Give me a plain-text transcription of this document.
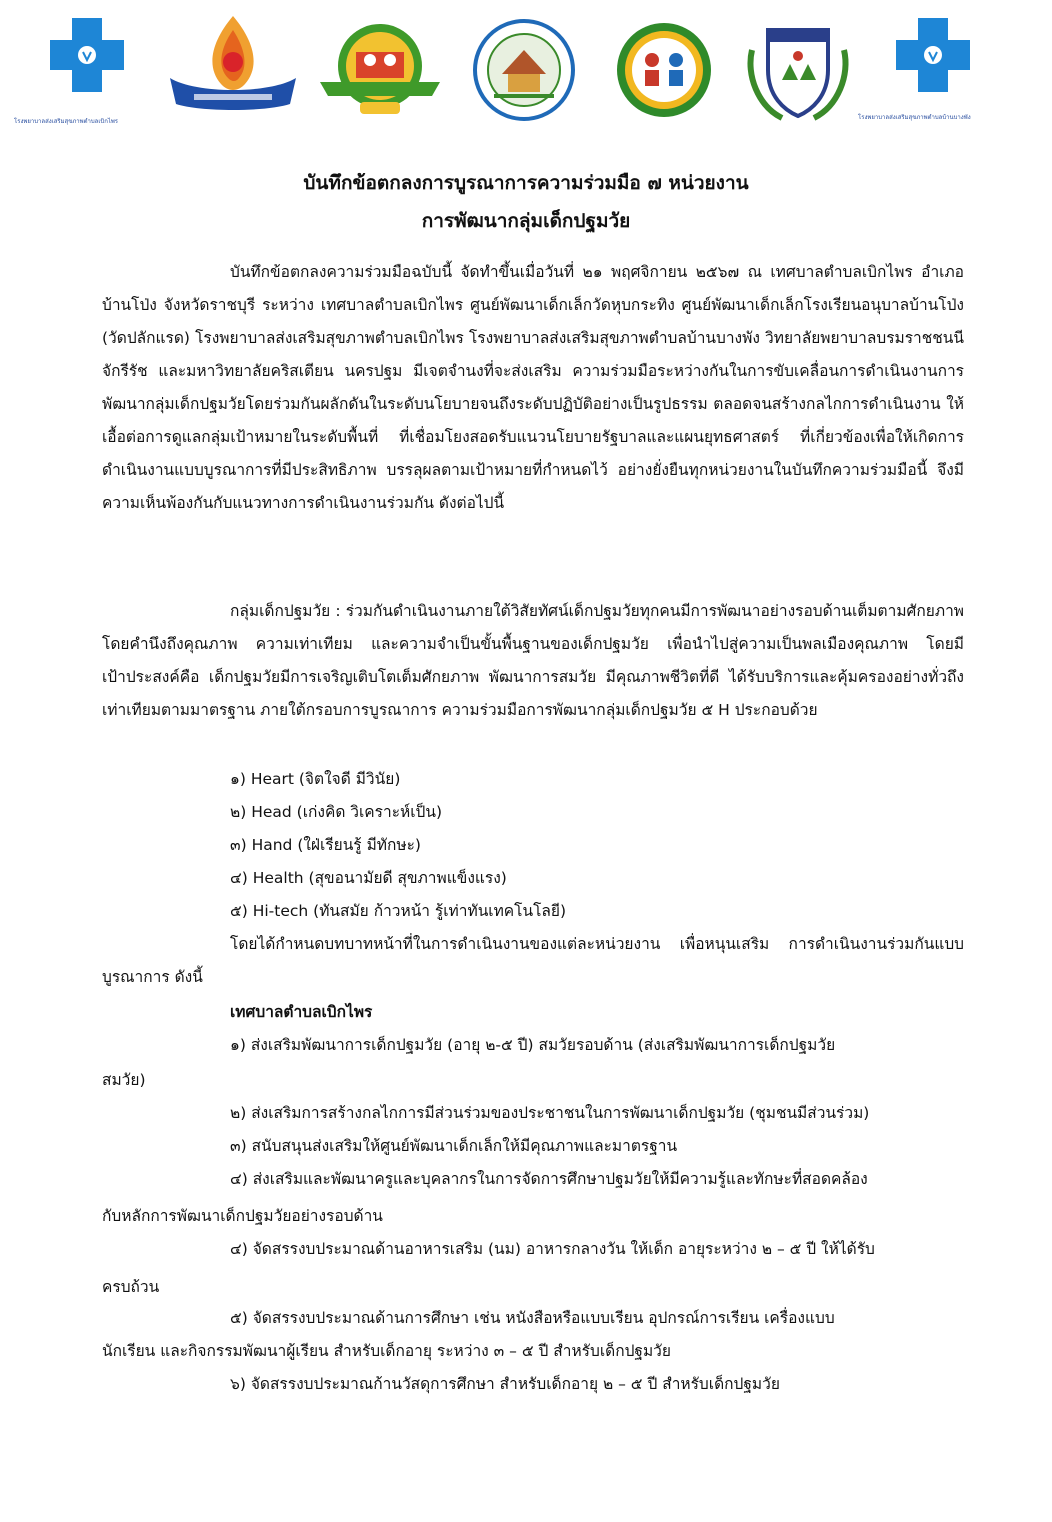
โรงพยาบาลส่งเสริมสุขภาพตำบลเบิกไพร
โรงพยาบาลส่งเสริมสุขภาพตำบลบ้านบางพัง
บันทึกข้อตกลงการบูรณาการความร่วมมือ ๗ หน่วยงาน
การพัฒนากลุ่มเด็กปฐมวัย
บันทึกข้อตกลงความร่วมมือฉบับนี้ จัดทำขึ้นเมื่อวันที่ ๒๑ พฤศจิกายน ๒๕๖๗ ณ เทศบาลตำบลเบิกไพร อำเภอบ้านโป่ง จังหวัดราชบุรี ระหว่าง เทศบาลตำบลเบิกไพร ศูนย์พัฒนาเด็กเล็กวัดหุบกระทิง ศูนย์พัฒนาเด็กเล็กโรงเรียนอนุบาลบ้านโป่ง (วัดปลักแรด) โรงพยาบาลส่งเสริมสุขภาพตำบลเบิกไพร โรงพยาบาลส่งเสริมสุขภาพตำบลบ้านบางพัง วิทยาลัยพยาบาลบรมราชชนนี จักรีรัช และมหาวิทยาลัยคริสเตียน นครปฐม มีเจตจำนงที่จะส่งเสริม ความร่วมมือระหว่างกันในการขับเคลื่อนการดำเนินงานการพัฒนากลุ่มเด็กปฐมวัยโดยร่วมกันผลักดันในระดับนโยบายจนถึงระดับปฏิบัติอย่างเป็นรูปธรรม ตลอดจนสร้างกลไกการดำเนินงาน ให้เอื้อต่อการดูแลกลุ่มเป้าหมายในระดับพื้นที่ ที่เชื่อมโยงสอดรับแนวนโยบายรัฐบาลและแผนยุทธศาสตร์ ที่เกี่ยวข้องเพื่อให้เกิดการดำเนินงานแบบบูรณาการที่มีประสิทธิภาพ บรรลุผลตามเป้าหมายที่กำหนดไว้ อย่างยั่งยืนทุกหน่วยงานในบันทึกความร่วมมือนี้ จึงมีความเห็นพ้องกันกับแนวทางการดำเนินงานร่วมกัน ดังต่อไปนี้
กลุ่มเด็กปฐมวัย : ร่วมกันดำเนินงานภายใต้วิสัยทัศน์เด็กปฐมวัยทุกคนมีการพัฒนาอย่างรอบด้านเต็มตามศักยภาพ โดยคำนึงถึงคุณภาพ ความเท่าเทียม และความจำเป็นขั้นพื้นฐานของเด็กปฐมวัย เพื่อนำไปสู่ความเป็นพลเมืองคุณภาพ โดยมีเป้าประสงค์คือ เด็กปฐมวัยมีการเจริญเติบโตเต็มศักยภาพ พัฒนาการสมวัย มีคุณภาพชีวิตที่ดี ได้รับบริการและคุ้มครองอย่างทั่วถึงเท่าเทียมตามมาตรฐาน ภายใต้กรอบการบูรณาการ ความร่วมมือการพัฒนากลุ่มเด็กปฐมวัย ๕ H ประกอบด้วย
๑) Heart (จิตใจดี มีวินัย)
๒) Head (เก่งคิด วิเคราะห์เป็น)
๓) Hand (ใฝ่เรียนรู้ มีทักษะ)
๔) Health (สุขอนามัยดี สุขภาพแข็งแรง)
๕) Hi-tech (ทันสมัย ก้าวหน้า รู้เท่าทันเทคโนโลยี)
โดยได้กำหนดบทบาทหน้าที่ในการดำเนินงานของแต่ละหน่วยงาน เพื่อหนุนเสริม การดำเนินงานร่วมกันแบบบูรณาการ ดังนี้
เทศบาลตำบลเบิกไพร
๑) ส่งเสริมพัฒนาการเด็กปฐมวัย (อายุ ๒-๕ ปี) สมวัยรอบด้าน (ส่งเสริมพัฒนาการเด็กปฐมวัย
สมวัย)
๒) ส่งเสริมการสร้างกลไกการมีส่วนร่วมของประชาชนในการพัฒนาเด็กปฐมวัย (ชุมชนมีส่วนร่วม)
๓) สนับสนุนส่งเสริมให้ศูนย์พัฒนาเด็กเล็กให้มีคุณภาพและมาตรฐาน
๔) ส่งเสริมและพัฒนาครูและบุคลากรในการจัดการศึกษาปฐมวัยให้มีความรู้และทักษะที่สอดคล้อง
กับหลักการพัฒนาเด็กปฐมวัยอย่างรอบด้าน
๔) จัดสรรงบประมาณด้านอาหารเสริม (นม) อาหารกลางวัน ให้เด็ก อายุระหว่าง ๒ – ๕ ปี ให้ได้รับ
ครบถ้วน
๕) จัดสรรงบประมาณด้านการศึกษา เช่น หนังสือหรือแบบเรียน อุปกรณ์การเรียน เครื่องแบบ
นักเรียน และกิจกรรมพัฒนาผู้เรียน สำหรับเด็กอายุ ระหว่าง ๓ – ๕ ปี สำหรับเด็กปฐมวัย
๖) จัดสรรงบประมาณก้านวัสดุการศึกษา สำหรับเด็กอายุ ๒ – ๕ ปี สำหรับเด็กปฐมวัย
